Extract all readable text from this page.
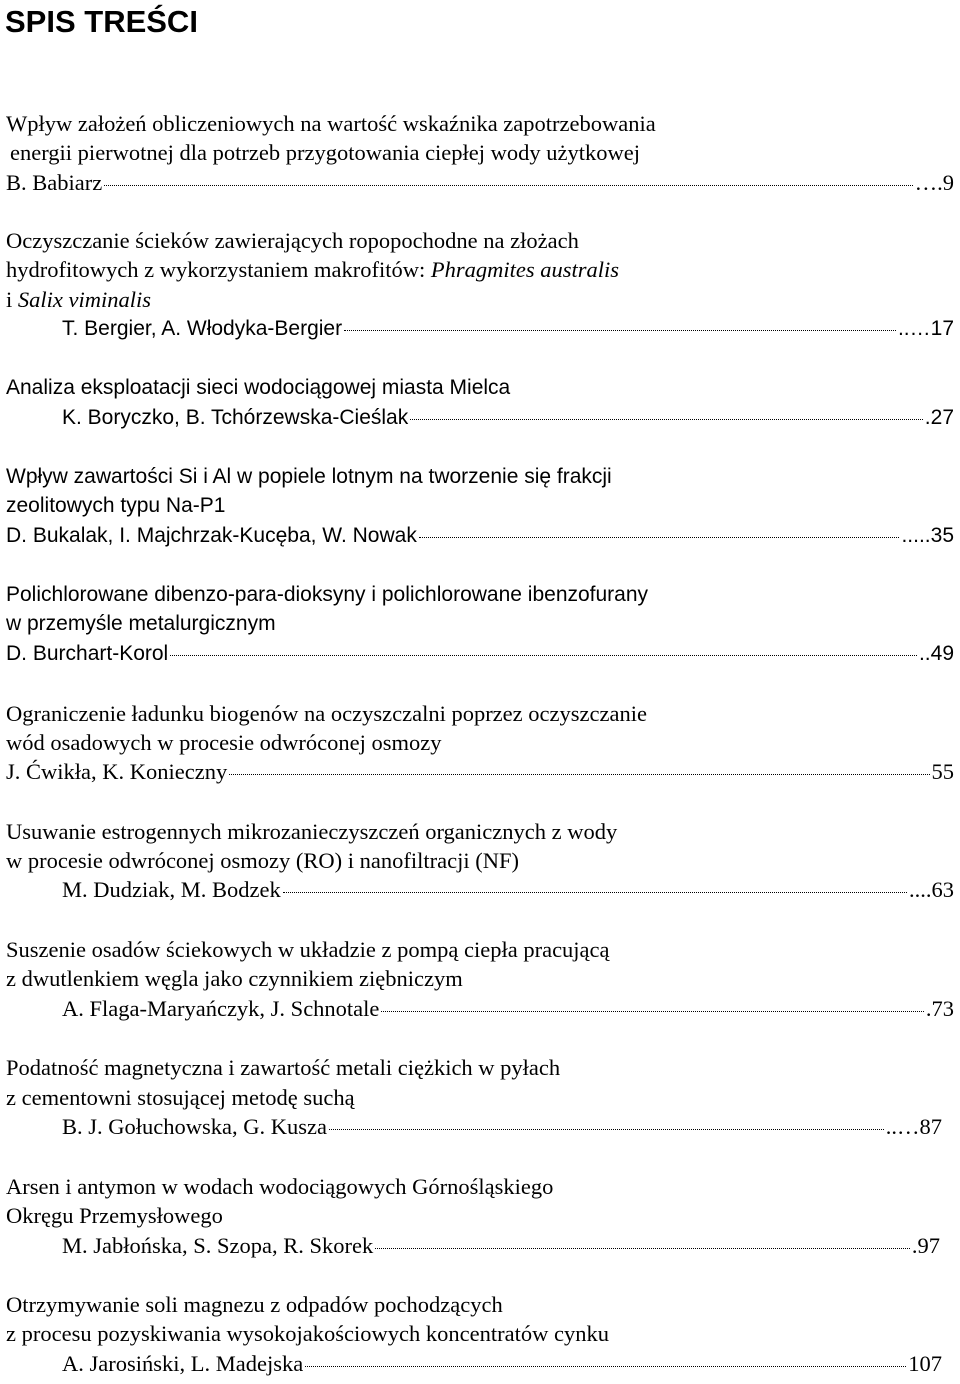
SPIS TREŚCI
Wpływ założeń obliczeniowych na wartość wskaźnika zapotrzebowania
energii pierwotnej dla potrzeb przygotowania ciepłej wody użytkowej
B. Babiarz	…. 9
Oczyszczanie ścieków zawierających ropopochodne na złożach
hydrofitowych z wykorzystaniem makrofitów: Phragmites australis
i Salix viminalis
T. Bergier, A. Włodyka-Bergier	..… 17
Analiza eksploatacji sieci wodociągowej miasta Mielca
K. Boryczko, B. Tchórzewska-Cieślak	. 27
Wpływ zawartości Si i Al w popiele lotnym na tworzenie się frakcji
zeolitowych typu Na-P1
D. Bukalak, I. Majchrzak-Kucęba, W. Nowak	..... 35
Polichlorowane dibenzo-para-dioksyny i polichlorowane ibenzofurany
w przemyśle metalurgicznym
D. Burchart-Korol	.. 49
Ograniczenie ładunku biogenów na oczyszczalni poprzez oczyszczanie
wód osadowych w procesie odwróconej osmozy
J. Ćwikła, K. Konieczny	55
Usuwanie estrogennych mikrozanieczyszczeń organicznych z wody
w procesie odwróconej osmozy (RO) i nanofiltracji (NF)
M. Dudziak, M. Bodzek	.... 63
Suszenie osadów ściekowych w układzie z pompą ciepła pracującą
z dwutlenkiem węgla jako czynnikiem ziębniczym
A. Flaga-Maryańczyk, J. Schnotale	. 73
Podatność magnetyczna i zawartość metali ciężkich w pyłach
z cementowni stosującej metodę suchą
B. J. Gołuchowska, G. Kusza	..… 87
Arsen i antymon w wodach wodociągowych Górnośląskiego
Okręgu Przemysłowego
M. Jabłońska, S. Szopa, R. Skorek	. 97
Otrzymywanie soli magnezu z odpadów pochodzących
z procesu pozyskiwania wysokojakościowych koncentratów cynku
A. Jarosiński, L. Madejska	107
